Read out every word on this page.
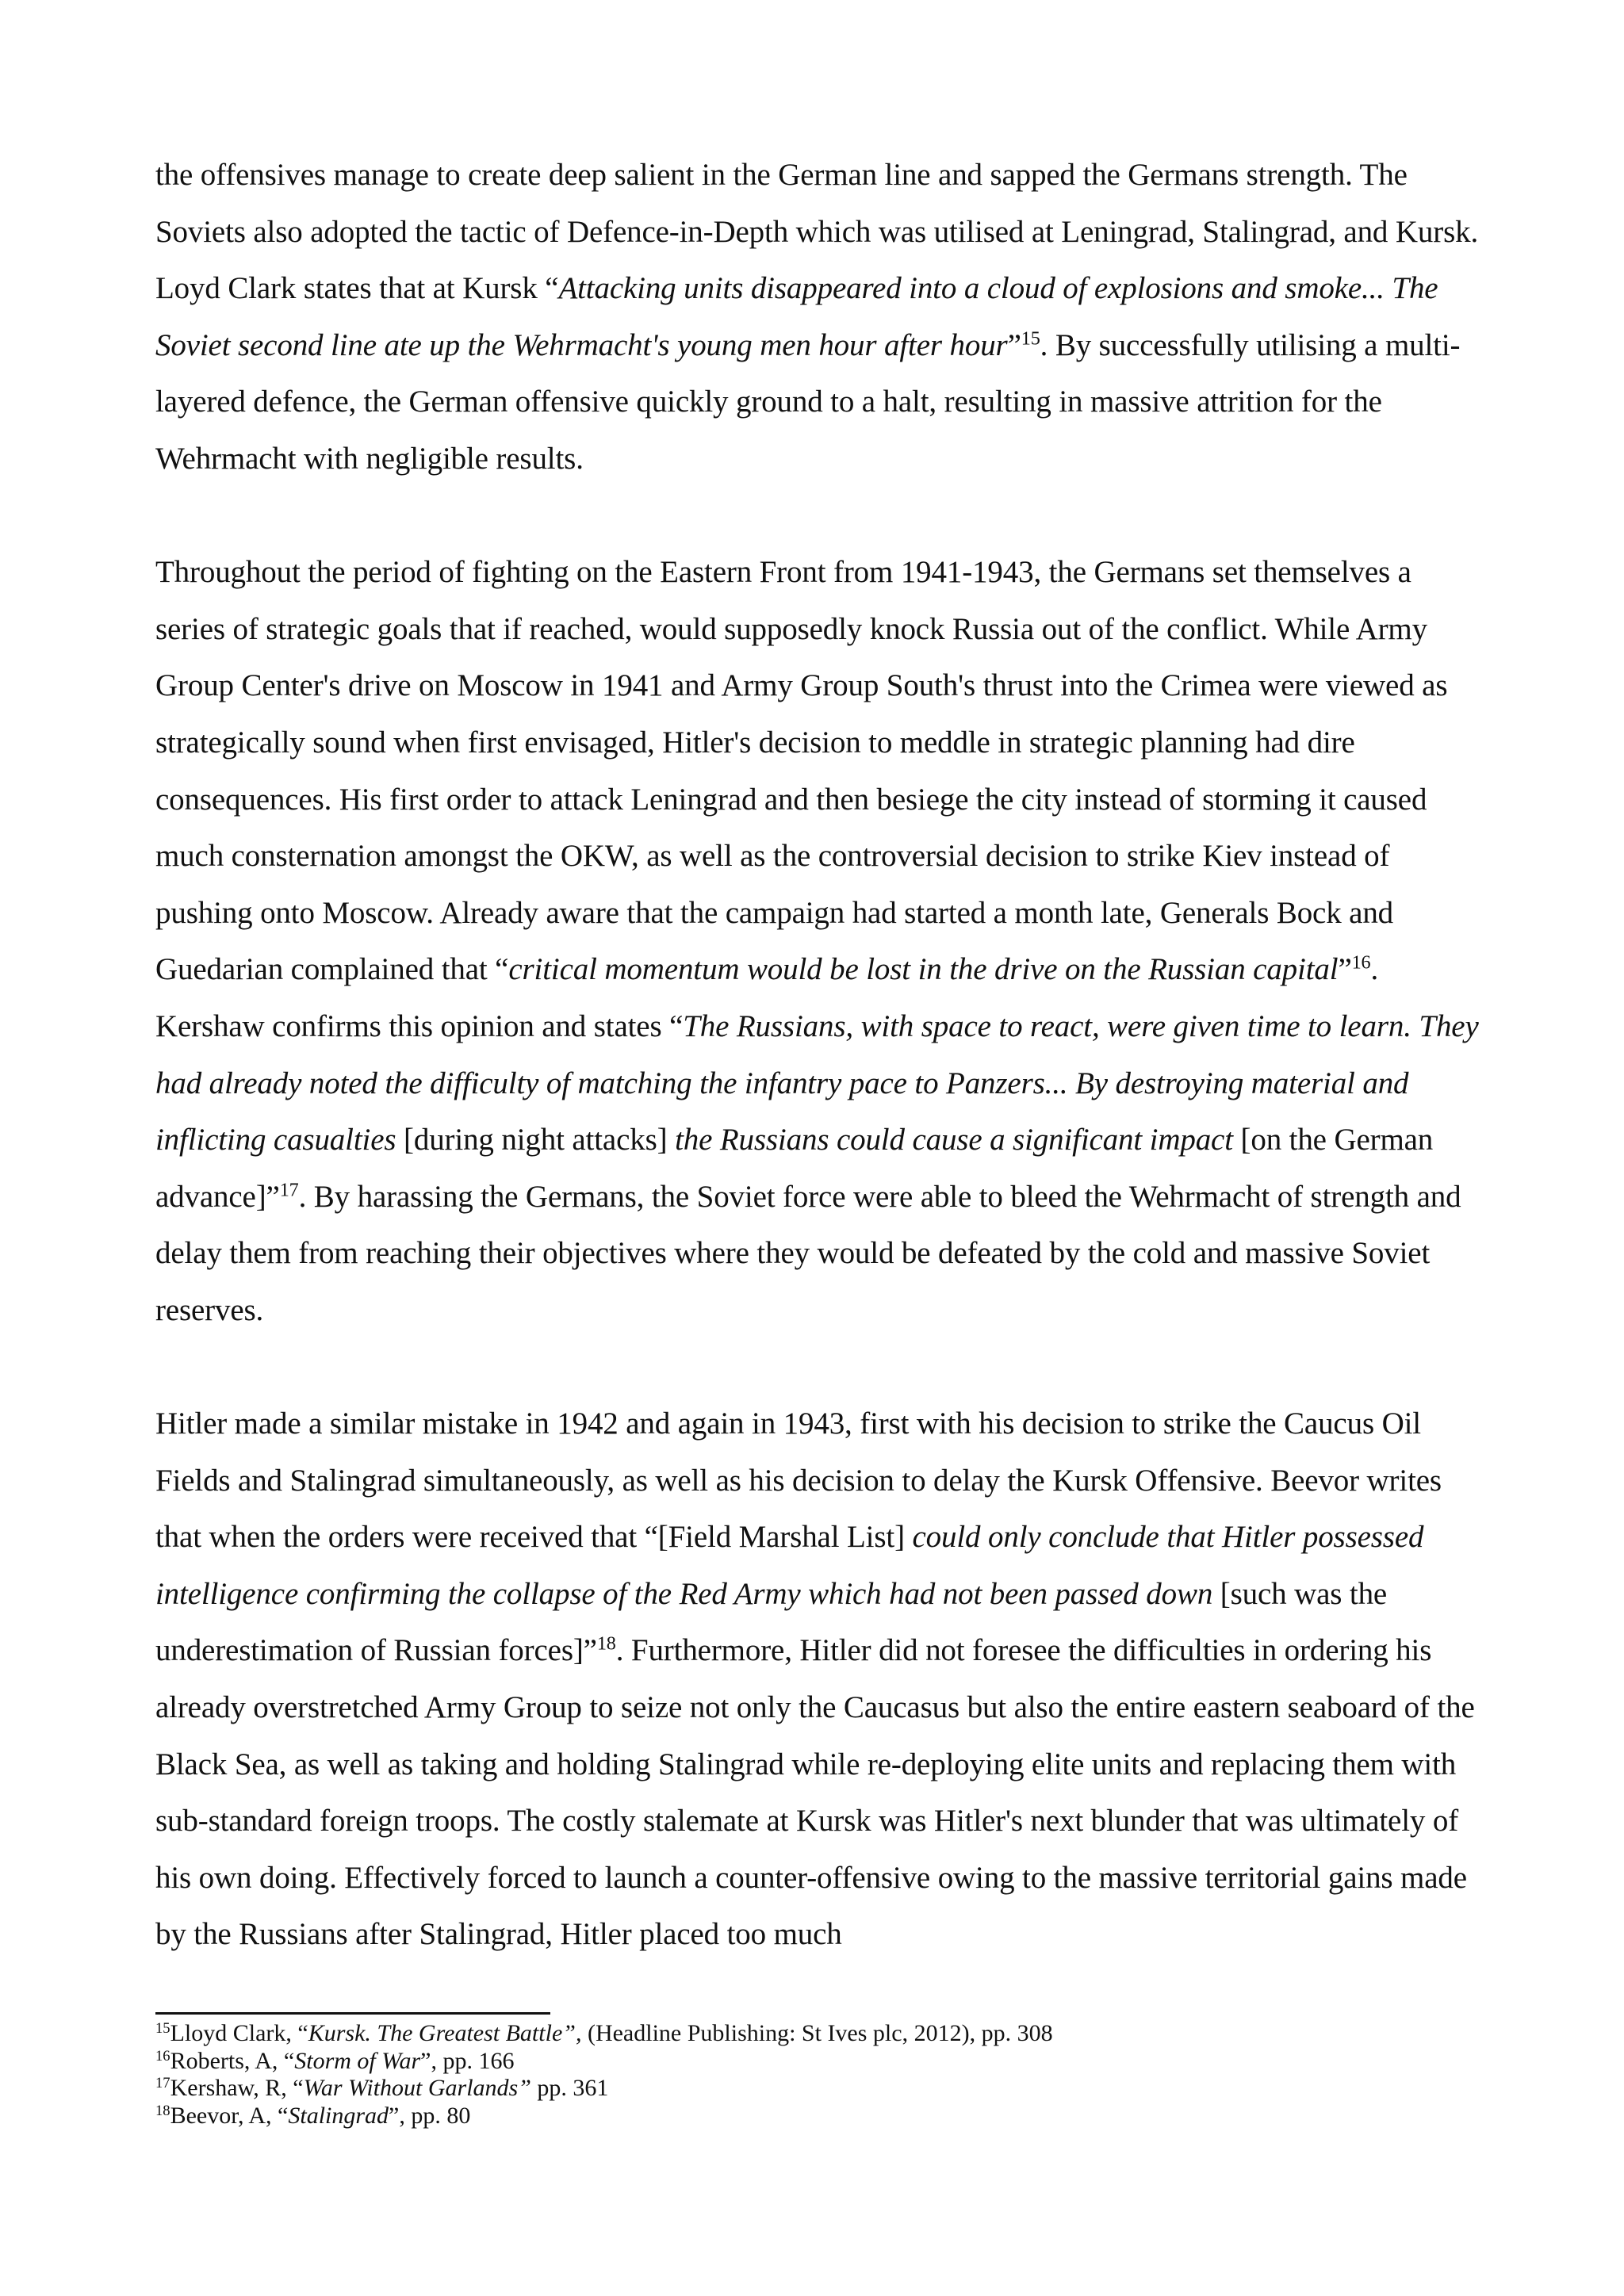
the offensives manage to create deep salient in the German line and sapped the Germans strength. The Soviets also adopted the tactic of Defence-in-Depth which was utilised at Leningrad, Stalingrad, and Kursk. Loyd Clark states that at Kursk “Attacking units disappeared into a cloud of explosions and smoke... The Soviet second line ate up the Wehrmacht's young men hour after hour”$^{15}$. By successfully utilising a multi-layered defence, the German offensive quickly ground to a halt, resulting in massive attrition for the Wehrmacht with negligible results.

Throughout the period of fighting on the Eastern Front from 1941-1943, the Germans set themselves a series of strategic goals that if reached, would supposedly knock Russia out of the conflict. While Army Group Center's drive on Moscow in 1941 and Army Group South's thrust into the Crimea were viewed as strategically sound when first envisaged, Hitler's decision to meddle in strategic planning had dire consequences. His first order to attack Leningrad and then besiege the city instead of storming it caused much consternation amongst the OKW, as well as the controversial decision to strike Kiev instead of pushing onto Moscow. Already aware that the campaign had started a month late, Generals Bock and Guedarian complained that “critical momentum would be lost in the drive on the Russian capital”$^{16}$. Kershaw confirms this opinion and states “The Russians, with space to react, were given time to learn. They had already noted the difficulty of matching the infantry pace to Panzers... By destroying material and inflicting casualties [during night attacks] the Russians could cause a significant impact [on the German advance]”$^{17}$. By harassing the Germans, the Soviet force were able to bleed the Wehrmacht of strength and delay them from reaching their objectives where they would be defeated by the cold and massive Soviet reserves.

Hitler made a similar mistake in 1942 and again in 1943, first with his decision to strike the Caucus Oil Fields and Stalingrad simultaneously, as well as his decision to delay the Kursk Offensive. Beevor writes that when the orders were received that “[Field Marshal List] could only conclude that Hitler possessed intelligence confirming the collapse of the Red Army which had not been passed down [such was the underestimation of Russian forces]”$^{18}$. Furthermore, Hitler did not foresee the difficulties in ordering his already overstretched Army Group to seize not only the Caucasus but also the entire eastern seaboard of the Black Sea, as well as taking and holding Stalingrad while re-deploying elite units and replacing them with sub-standard foreign troops. The costly stalemate at Kursk was Hitler's next blunder that was ultimately of his own doing. Effectively forced to launch a counter-offensive owing to the massive territorial gains made by the Russians after Stalingrad, Hitler placed too much

$^{15}$Lloyd Clark, “Kursk. The Greatest Battle”, (Headline Publishing: St Ives plc, 2012), pp. 308

$^{16}$Roberts, A, “Storm of War”, pp. 166

$^{17}$Kershaw, R, “War Without Garlands” pp. 361

$^{18}$Beevor, A, “Stalingrad”, pp. 80
